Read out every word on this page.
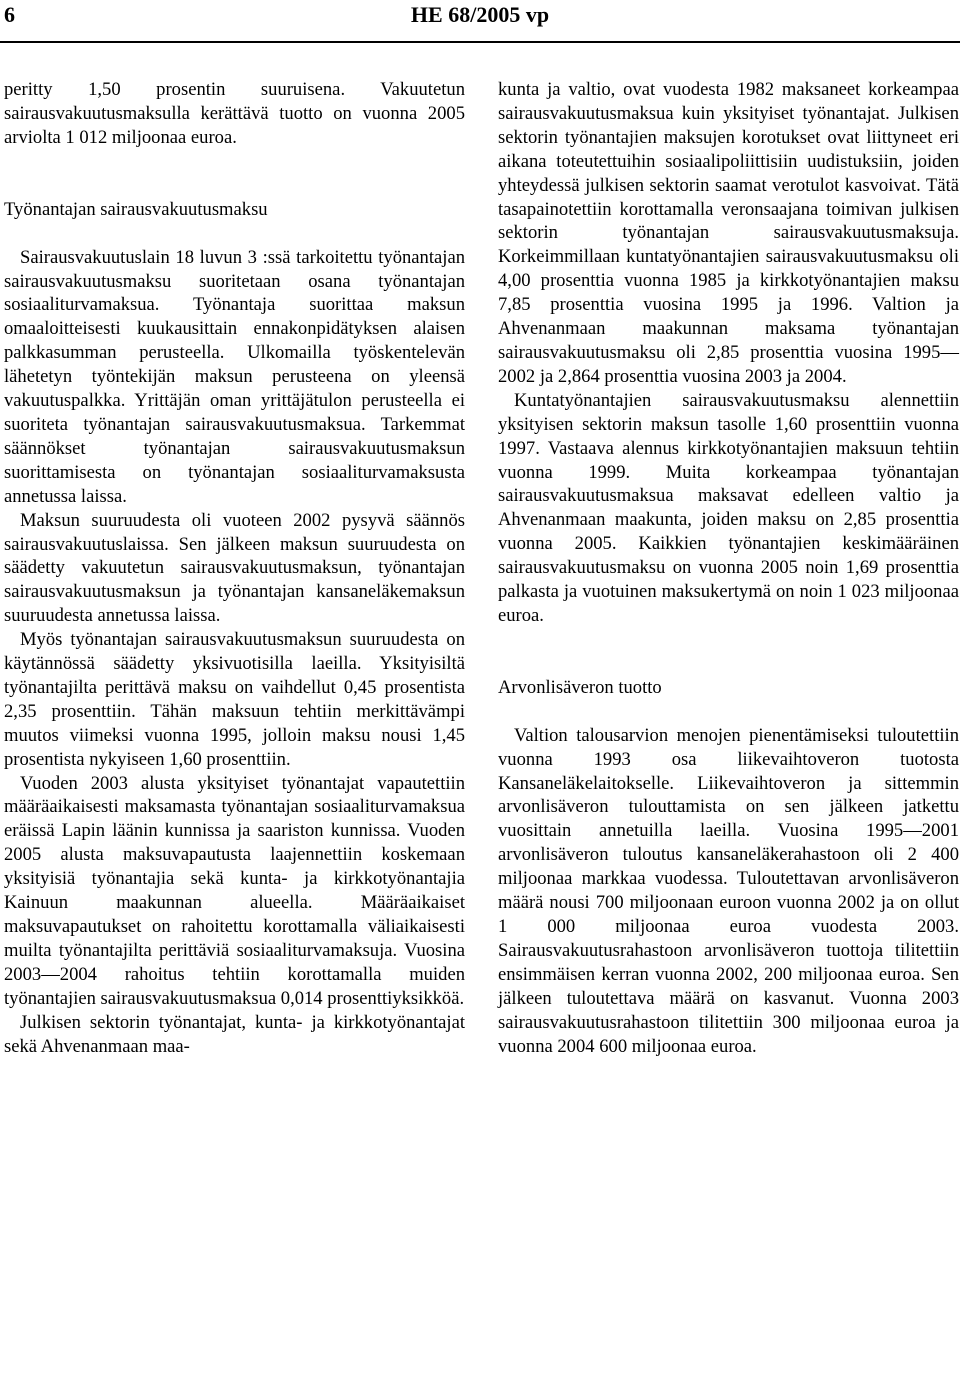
6	HE 68/2005 vp

peritty 1,50 prosentin suuruisena. Vakuutetun sairausvakuutusmaksulla kerättävä tuotto on vuonna 2005 arviolta 1 012 miljoonaa euroa.

Työnantajan sairausvakuutusmaksu

Sairausvakuutuslain 18 luvun 3 :ssä tarkoitettu työnantajan sairausvakuutusmaksu suoritetaan osana työnantajan sosiaaliturvamaksua. Työnantaja suorittaa maksun omaaloitteisesti kuukausittain ennakonpidätyksen alaisen palkkasumman perusteella. Ulkomailla työskentelevän lähetetyn työntekijän maksun perusteena on yleensä vakuutuspalkka. Yrittäjän oman yrittäjätulon perusteella ei suoriteta työnantajan sairausvakuutusmaksua. Tarkemmat säännökset työnantajan sairausvakuutusmaksun suorittamisesta on työnantajan sosiaaliturvamaksusta annetussa laissa.

Maksun suuruudesta oli vuoteen 2002 pysyvä säännös sairausvakuutuslaissa. Sen jälkeen maksun suuruudesta on säädetty vakuutetun sairausvakuutusmaksun, työnantajan sairausvakuutusmaksun ja työnantajan kansaneläkemaksun suuruudesta annetussa laissa.

Myös työnantajan sairausvakuutusmaksun suuruudesta on käytännössä säädetty yksivuotisilla laeilla. Yksityisiltä työnantajilta perittävä maksu on vaihdellut 0,45 prosentista 2,35 prosenttiin. Tähän maksuun tehtiin merkittävämpi muutos viimeksi vuonna 1995, jolloin maksu nousi 1,45 prosentista nykyiseen 1,60 prosenttiin.

Vuoden 2003 alusta yksityiset työnantajat vapautettiin määräaikaisesti maksamasta työnantajan sosiaaliturvamaksua eräissä Lapin läänin kunnissa ja saariston kunnissa. Vuoden 2005 alusta maksuvapautusta laajennettiin koskemaan yksityisiä työnantajia sekä kunta- ja kirkkotyönantajia Kainuun maakunnan alueella. Määräaikaiset maksuvapautukset on rahoitettu korottamalla väliaikaisesti muilta työnantajilta perittäviä sosiaaliturvamaksuja. Vuosina 2003—2004 rahoitus tehtiin korottamalla muiden työnantajien sairausvakuutusmaksua 0,014 prosenttiyksikköä.

Julkisen sektorin työnantajat, kunta- ja kirkkotyönantajat sekä Ahvenanmaan maa-

kunta ja valtio, ovat vuodesta 1982 maksaneet korkeampaa sairausvakuutusmaksua kuin yksityiset työnantajat. Julkisen sektorin työnantajien maksujen korotukset ovat liittyneet eri aikana toteutettuihin sosiaalipoliittisiin uudistuksiin, joiden yhteydessä julkisen sektorin saamat verotulot kasvoivat. Tätä tasapainotettiin korottamalla veronsaajana toimivan julkisen sektorin työnantajan sairausvakuutusmaksuja. Korkeimmillaan kuntatyönantajien sairausvakuutusmaksu oli 4,00 prosenttia vuonna 1985 ja kirkkotyönantajien maksu 7,85 prosenttia vuosina 1995 ja 1996. Valtion ja Ahvenanmaan maakunnan maksama työnantajan sairausvakuutusmaksu oli 2,85 prosenttia vuosina 1995—2002 ja 2,864 prosenttia vuosina 2003 ja 2004.

Kuntatyönantajien sairausvakuutusmaksu alennettiin yksityisen sektorin maksun tasolle 1,60 prosenttiin vuonna 1997. Vastaava alennus kirkkotyönantajien maksuun tehtiin vuonna 1999. Muita korkeampaa työnantajan sairausvakuutusmaksua maksavat edelleen valtio ja Ahvenanmaan maakunta, joiden maksu on 2,85 prosenttia vuonna 2005. Kaikkien työnantajien keskimääräinen sairausvakuutusmaksu on vuonna 2005 noin 1,69 prosenttia palkasta ja vuotuinen maksukertymä on noin 1 023 miljoonaa euroa.

Arvonlisäveron tuotto

Valtion talousarvion menojen pienentämiseksi tuloutettiin vuonna 1993 osa liikevaihtoveron tuotosta Kansaneläkelaitokselle. Liikevaihtoveron ja sittemmin arvonlisäveron tulouttamista on sen jälkeen jatkettu vuosittain annetuilla laeilla. Vuosina 1995—2001 arvonlisäveron tuloutus kansaneläkerahastoon oli 2 400 miljoonaa markkaa vuodessa. Tuloutettavan arvonlisäveron määrä nousi 700 miljoonaan euroon vuonna 2002 ja on ollut 1 000 miljoonaa euroa vuodesta 2003. Sairausvakuutusrahastoon arvonlisäveron tuottoja tilitettiin ensimmäisen kerran vuonna 2002, 200 miljoonaa euroa. Sen jälkeen tuloutettava määrä on kasvanut. Vuonna 2003 sairausvakuutusrahastoon tilitettiin 300 miljoonaa euroa ja vuonna 2004 600 miljoonaa euroa.
